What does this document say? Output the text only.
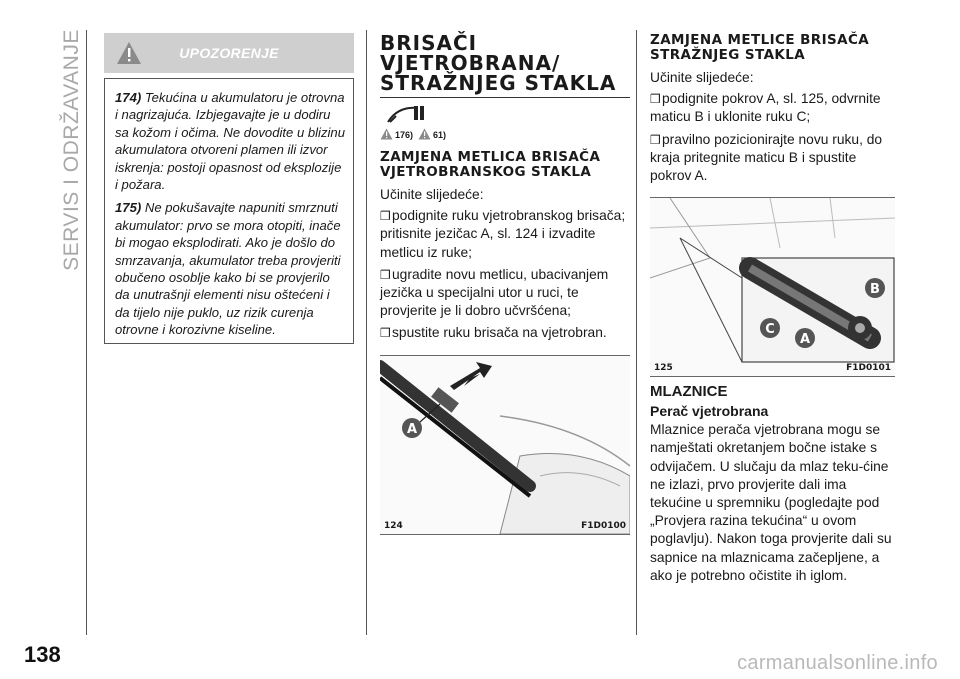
SERVIS I ODRŽAVANJE
138
UPOZORENJE

174) Tekućina u akumulatoru je otrovna i nagrizajuća. Izbjegavajte je u dodiru sa kožom i očima. Ne dovodite u blizinu akumulatora otvoreni plamen ili izvor iskrenja: postoji opasnost od eksplozije i požara.

175) Ne pokušavajte napuniti smrznuti akumulator: prvo se mora otopiti, inače bi mogao eksplodirati. Ako je došlo do smrzavanja, akumulator treba provjeriti obučeno osoblje kako bi se provjerilo da unutrašnji elementi nisu oštećeni i da tijelo nije puklo, uz rizik curenja otrovne i korozivne kiseline.

BRISAČI

VJETROBRANA/

STRAŽNJEG STAKLA

176) 61)

ZAMJENA METLICA BRISAČA VJETROBRANSKOG STAKLA

Učinite slijedeće:

❒podignite ruku vjetrobranskog brisača; pritisnite jezičac A, sl. 124 i izvadite metlicu iz ruke;

❒ugradite novu metlicu, ubacivanjem jezička u specijalni utor u ruci, te provjerite je li dobro učvršćena;

❒spustite ruku brisača na vjetrobran.

A
124	F1D0100

ZAMJENA METLICE BRISAČA STRAŽNJEG STAKLA

Učinite slijedeće:

❒podignite pokrov A, sl. 125, odvrnite maticu B i uklonite ruku C;

❒pravilno pozicionirajte novu ruku, do kraja pritegnite maticu B i spustite pokrov A.

B
C
A
125	F1D0101

MLAZNICE

Perač vjetrobrana

Mlaznice perača vjetrobrana mogu se namještati okretanjem bočne istake s odvijačem. U slučaju da mlaz teku-ćine ne izlazi, prvo provjerite dali ima tekućine u spremniku (pogledajte pod „Provjera razina tekućina“ u ovom poglavlju). Nakon toga provjerite dali su sapnice na mlaznicama začepljene, a ako je potrebno očistite ih iglom.

carmanualsonline.info
